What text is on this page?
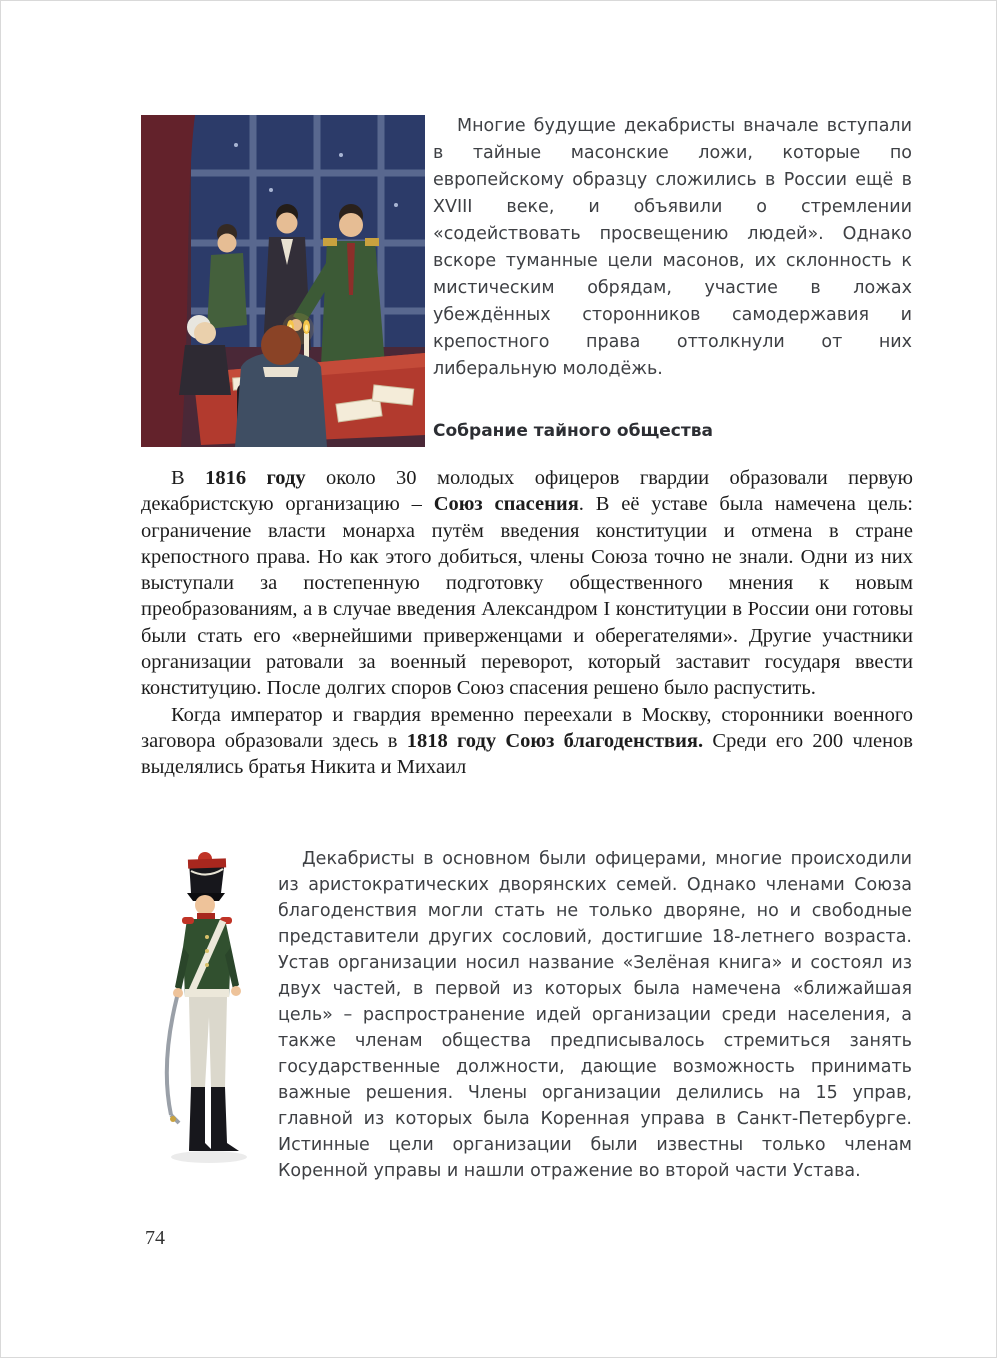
Многие будущие декабристы вначале вступали в тайные масонские ложи, которые по европейскому образцу сложились в России ещё в XVIII веке, и объявили о стремлении «содействовать просвещению людей». Однако вскоре туманные цели масонов, их склонность к мистическим обрядам, участие в ложах убеждённых сторонников самодержавия и крепостного права оттолкнули от них либеральную молодёжь.
Собрание тайного общества

В 1816 году около 30 молодых офицеров гвардии образовали первую декабристскую организацию – Союз спасения. В её уставе была намечена цель: ограничение власти монарха путём введения конституции и отмена в стране крепостного права. Но как этого добиться, члены Союза точно не знали. Одни из них выступали за постепенную подготовку общественного мнения к новым преобразованиям, а в случае введения Александром I конституции в России они готовы были стать его «вернейшими приверженцами и оберегателями». Другие участники организации ратовали за военный переворот, который заставит государя ввести конституцию. После долгих споров Союз спасения решено было распустить.

Когда император и гвардия временно переехали в Москву, сторонники военного заговора образовали здесь в 1818 году Союз благоденствия. Среди его 200 членов выделялись братья Никита и Михаил

Декабристы в основном были офицерами, многие происходили из аристократических дворянских семей. Однако членами Союза благоденствия могли стать не только дворяне, но и свободные представители других сословий, достигшие 18-летнего возраста. Устав организации носил название «Зелёная книга» и состоял из двух частей, в первой из которых была намечена «ближайшая цель» – распространение идей организации среди населения, а также членам общества предписывалось стремиться занять государственные должности, дающие возможность принимать важные решения. Члены организации делились на 15 управ, главной из которых была Коренная управа в Санкт-Петербурге. Истинные цели организации были известны только членам Коренной управы и нашли отражение во второй части Устава.
74
